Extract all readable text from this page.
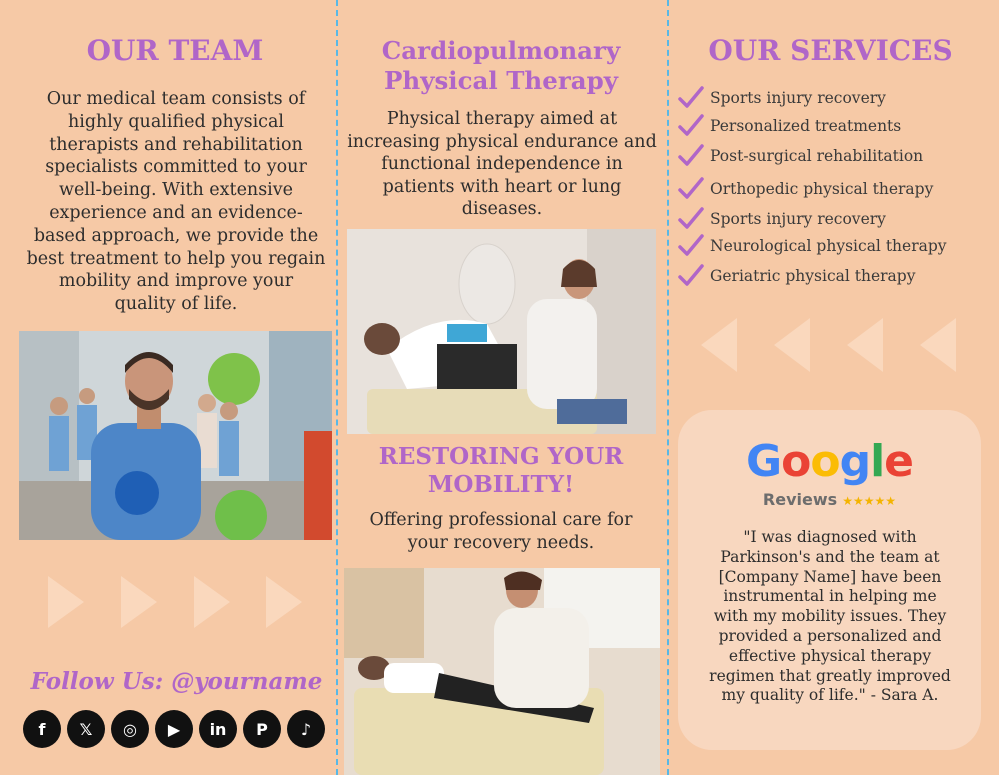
OUR TEAM
Our medical team consists of highly qualified physical therapists and rehabilitation specialists committed to your well-being. With extensive experience and an evidence-based approach, we provide the best treatment to help you regain mobility and improve your quality of life.
Follow Us: @yourname
f 𝕏 ◎ ▶ in P ♪
Cardiopulmonary Physical Therapy
Physical therapy aimed at increasing physical endurance and functional independence in patients with heart or lung diseases.
RESTORING YOUR MOBILITY!
Offering professional care for your recovery needs.
OUR SERVICES
Sports injury recovery
Personalized treatments
Post-surgical rehabilitation
Orthopedic physical therapy
Sports injury recovery
Neurological physical therapy
Geriatric physical therapy
Google
Reviews ★★★★★
"I was diagnosed with Parkinson's and the team at [Company Name] have been instrumental in helping me with my mobility issues. They provided a personalized and effective physical therapy regimen that greatly improved my quality of life." - Sara A.
